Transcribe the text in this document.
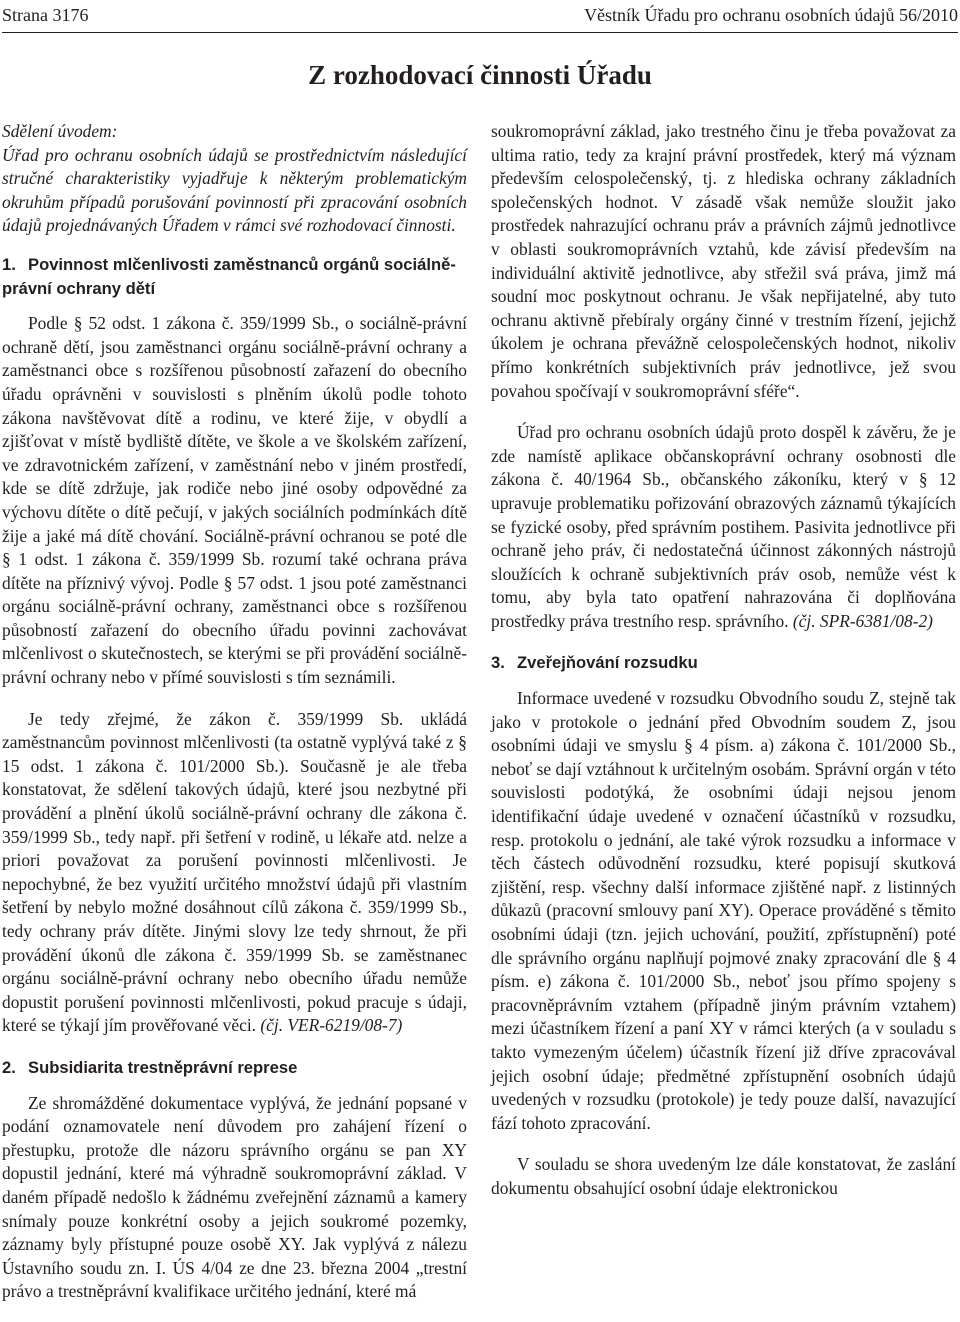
Strana 3176	Věstník Úřadu pro ochranu osobních údajů 56/2010
Z rozhodovací činnosti Úřadu

Sdělení úvodem:

Úřad pro ochranu osobních údajů se prostřednictvím následující stručné charakteristiky vyjadřuje k některým problematickým okruhům případů porušování povinností při zpracování osobních údajů projednávaných Úřadem v rámci své rozhodovací činnosti.

1. Povinnost mlčenlivosti zaměstnanců orgánů sociálně-právní ochrany dětí

Podle § 52 odst. 1 zákona č. 359/1999 Sb., o sociálně-právní ochraně dětí, jsou zaměstnanci orgánu sociálně-právní ochrany a zaměstnanci obce s rozšířenou působností zařazení do obecního úřadu oprávněni v souvislosti s plněním úkolů podle tohoto zákona navštěvovat dítě a rodinu, ve které žije, v obydlí a zjišťovat v místě bydliště dítěte, ve škole a ve školském zařízení, ve zdravotnickém zařízení, v zaměstnání nebo v jiném prostředí, kde se dítě zdržuje, jak rodiče nebo jiné osoby odpovědné za výchovu dítěte o dítě pečují, v jakých sociálních podmínkách dítě žije a jaké má dítě chování. Sociálně-právní ochranou se poté dle § 1 odst. 1 zákona č. 359/1999 Sb. rozumí také ochrana práva dítěte na příznivý vývoj. Podle § 57 odst. 1 jsou poté zaměstnanci orgánu sociálně-právní ochrany, zaměstnanci obce s rozšířenou působností zařazení do obecního úřadu povinni zachovávat mlčenlivost o skutečnostech, se kterými se při provádění sociálně-právní ochrany nebo v přímé souvislosti s tím seznámili.

Je tedy zřejmé, že zákon č. 359/1999 Sb. ukládá zaměstnancům povinnost mlčenlivosti (ta ostatně vyplývá také z § 15 odst. 1 zákona č. 101/2000 Sb.). Současně je ale třeba konstatovat, že sdělení takových údajů, které jsou nezbytné při provádění a plnění úkolů sociálně-právní ochrany dle zákona č. 359/1999 Sb., tedy např. při šetření v rodině, u lékaře atd. nelze a priori považovat za porušení povinnosti mlčenlivosti. Je nepochybné, že bez využití určitého množství údajů při vlastním šetření by nebylo možné dosáhnout cílů zákona č. 359/1999 Sb., tedy ochrany práv dítěte. Jinými slovy lze tedy shrnout, že při provádění úkonů dle zákona č. 359/1999 Sb. se zaměstnanec orgánu sociálně-právní ochrany nebo obecního úřadu nemůže dopustit porušení povinnosti mlčenlivosti, pokud pracuje s údaji, které se týkají jím prověřované věci. (čj. VER-6219/08-7)

2. Subsidiarita trestněprávní represe

Ze shromážděné dokumentace vyplývá, že jednání popsané v podání oznamovatele není důvodem pro zahájení řízení o přestupku, protože dle názoru správního orgánu se pan XY dopustil jednání, které má výhradně soukromoprávní základ. V daném případě nedošlo k žádnému zveřejnění záznamů a kamery snímaly pouze konkrétní osoby a jejich soukromé pozemky, záznamy byly přístupné pouze osobě XY. Jak vyplývá z nálezu Ústavního soudu zn. I. ÚS 4/04 ze dne 23. března 2004 „trestní právo a trestněprávní kvalifikace určitého jednání, které má

soukromoprávní základ, jako trestného činu je třeba považovat za ultima ratio, tedy za krajní právní prostředek, který má význam především celospolečenský, tj. z hlediska ochrany základních společenských hodnot. V zásadě však nemůže sloužit jako prostředek nahrazující ochranu práv a právních zájmů jednotlivce v oblasti soukromoprávních vztahů, kde závisí především na individuální aktivitě jednotlivce, aby střežil svá práva, jimž má soudní moc poskytnout ochranu. Je však nepřijatelné, aby tuto ochranu aktivně přebíraly orgány činné v trestním řízení, jejichž úkolem je ochrana převážně celospolečenských hodnot, nikoliv přímo konkrétních subjektivních práv jednotlivce, jež svou povahou spočívají v soukromoprávní sféře“.

Úřad pro ochranu osobních údajů proto dospěl k závěru, že je zde namístě aplikace občanskoprávní ochrany osobnosti dle zákona č. 40/1964 Sb., občanského zákoníku, který v § 12 upravuje problematiku pořizování obrazových záznamů týkajících se fyzické osoby, před správním postihem. Pasivita jednotlivce při ochraně jeho práv, či nedostatečná účinnost zákonných nástrojů sloužících k ochraně subjektivních práv osob, nemůže vést k tomu, aby byla tato opatření nahrazována či doplňována prostředky práva trestního resp. správního. (čj. SPR-6381/08-2)

3. Zveřejňování rozsudku

Informace uvedené v rozsudku Obvodního soudu Z, stejně tak jako v protokole o jednání před Obvodním soudem Z, jsou osobními údaji ve smyslu § 4 písm. a) zákona č. 101/2000 Sb., neboť se dají vztáhnout k určitelným osobám. Správní orgán v této souvislosti podotýká, že osobními údaji nejsou jenom identifikační údaje uvedené v označení účastníků v rozsudku, resp. protokolu o jednání, ale také výrok rozsudku a informace v těch částech odůvodnění rozsudku, které popisují skutková zjištění, resp. všechny další informace zjištěné např. z listinných důkazů (pracovní smlouvy paní XY). Operace prováděné s těmito osobními údaji (tzn. jejich uchování, použití, zpřístupnění) poté dle správního orgánu naplňují pojmové znaky zpracování dle § 4 písm. e) zákona č. 101/2000 Sb., neboť jsou přímo spojeny s pracovněprávním vztahem (případně jiným právním vztahem) mezi účastníkem řízení a paní XY v rámci kterých (a v souladu s takto vymezeným účelem) účastník řízení již dříve zpracovával jejich osobní údaje; předmětné zpřístupnění osobních údajů uvedených v rozsudku (protokole) je tedy pouze další, navazující fází tohoto zpracování.

V souladu se shora uvedeným lze dále konstatovat, že zaslání dokumentu obsahující osobní údaje elektronickou
